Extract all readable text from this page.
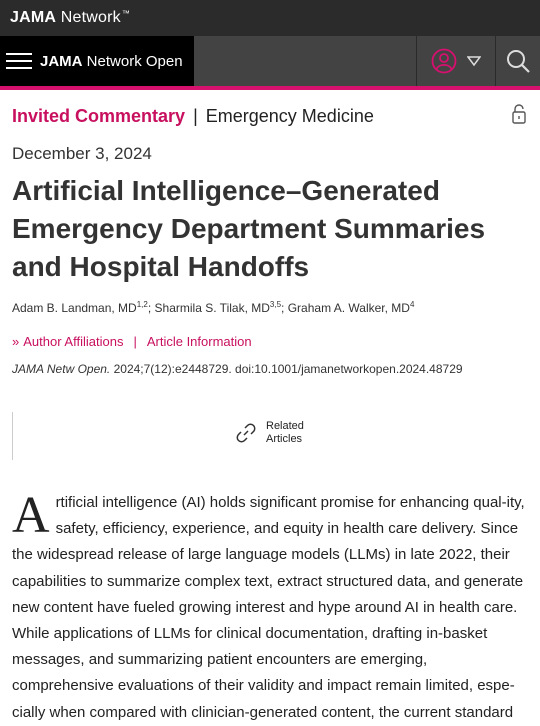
JAMA Network™
JAMA Network Open
Invited Commentary | Emergency Medicine
December 3, 2024
Artificial Intelligence–Generated Emergency Department Summaries and Hospital Handoffs
Adam B. Landman, MD$^{1,2}$; Sharmila S. Tilak, MD$^{3,5}$; Graham A. Walker, $MD^4$
» Author Affiliations | Article Information
JAMA Netw Open. 2024;7(12):e2448729. doi:10.1001/jamanetworkopen.2024.48729
Related
Articles

Artificial intelligence (AI) holds significant promise for enhancing qual-ity, safety, efficiency, experience, and equity in health care delivery. Since the widespread release of large language models (LLMs) in late 2022, their capabilities to summarize complex text, extract structured data, and generate new content have fueled growing interest and hype around AI in health care. While applications of LLMs for clinical documentation, drafting in-basket messages, and summarizing patient encounters are emerging, comprehensive evaluations of their validity and impact remain limited, espe-cially when compared with clinician-generated content, the current standard
